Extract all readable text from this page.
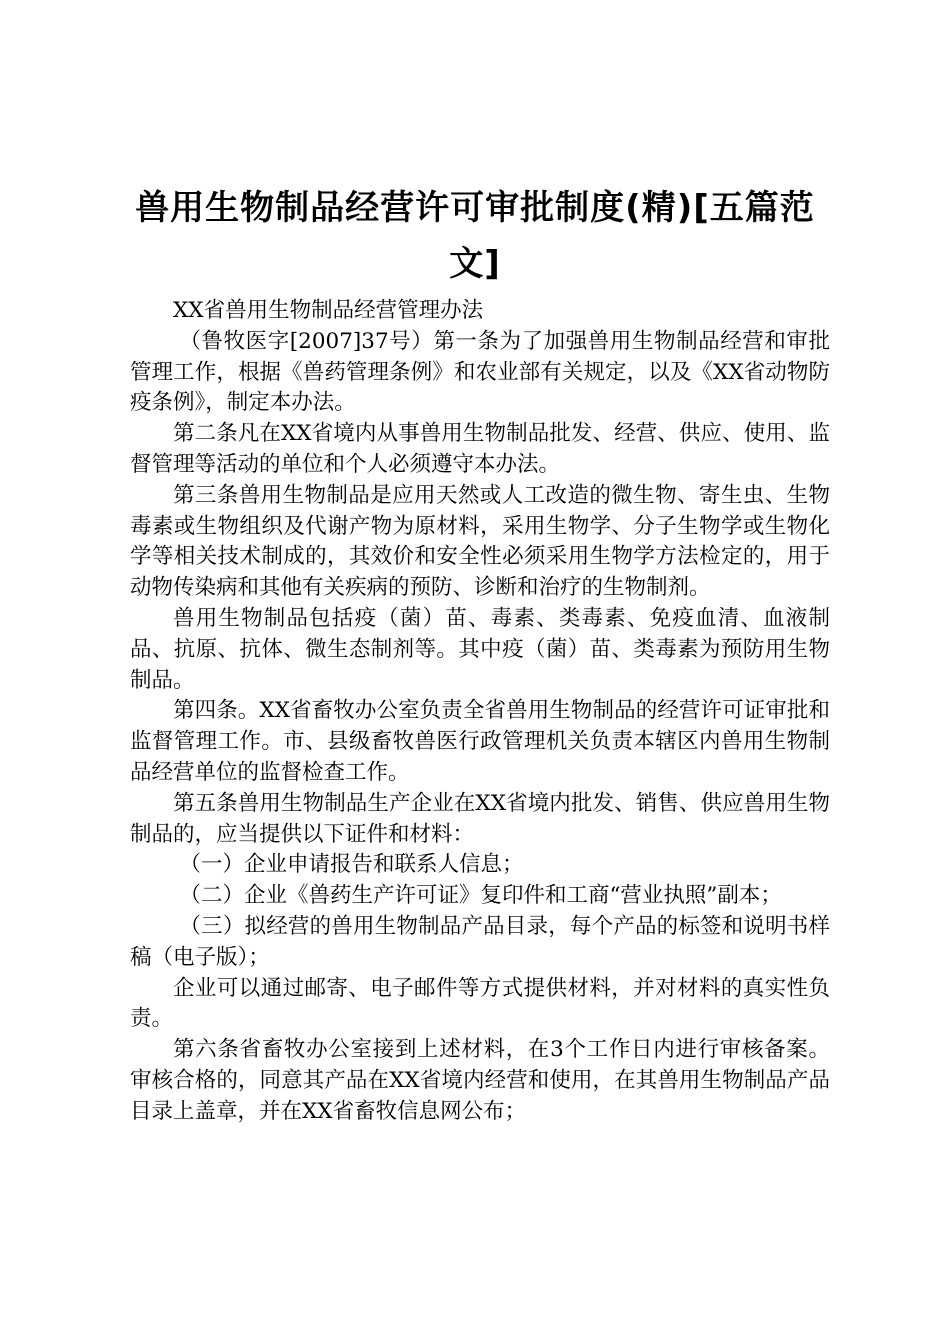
兽用生物制品经营许可审批制度(精)[五篇范文]

XX省兽用生物制品经营管理办法

（鲁牧医字[2007]37号）第一条为了加强兽用生物制品经营和审批管理工作，根据《兽药管理条例》和农业部有关规定，以及《XX省动物防疫条例》，制定本办法。

第二条凡在XX省境内从事兽用生物制品批发、经营、供应、使用、监督管理等活动的单位和个人必须遵守本办法。

第三条兽用生物制品是应用天然或人工改造的微生物、寄生虫、生物毒素或生物组织及代谢产物为原材料，采用生物学、分子生物学或生物化学等相关技术制成的，其效价和安全性必须采用生物学方法检定的，用于动物传染病和其他有关疾病的预防、诊断和治疗的生物制剂。

兽用生物制品包括疫（菌）苗、毒素、类毒素、免疫血清、血液制品、抗原、抗体、微生态制剂等。其中疫（菌）苗、类毒素为预防用生物制品。

第四条。XX省畜牧办公室负责全省兽用生物制品的经营许可证审批和监督管理工作。市、县级畜牧兽医行政管理机关负责本辖区内兽用生物制品经营单位的监督检查工作。

第五条兽用生物制品生产企业在XX省境内批发、销售、供应兽用生物制品的，应当提供以下证件和材料：

（一）企业申请报告和联系人信息；

（二）企业《兽药生产许可证》复印件和工商“营业执照”副本；

（三）拟经营的兽用生物制品产品目录，每个产品的标签和说明书样稿（电子版）；

企业可以通过邮寄、电子邮件等方式提供材料，并对材料的真实性负责。

第六条省畜牧办公室接到上述材料，在3个工作日内进行审核备案。审核合格的，同意其产品在XX省境内经营和使用，在其兽用生物制品产品目录上盖章，并在XX省畜牧信息网公布；
